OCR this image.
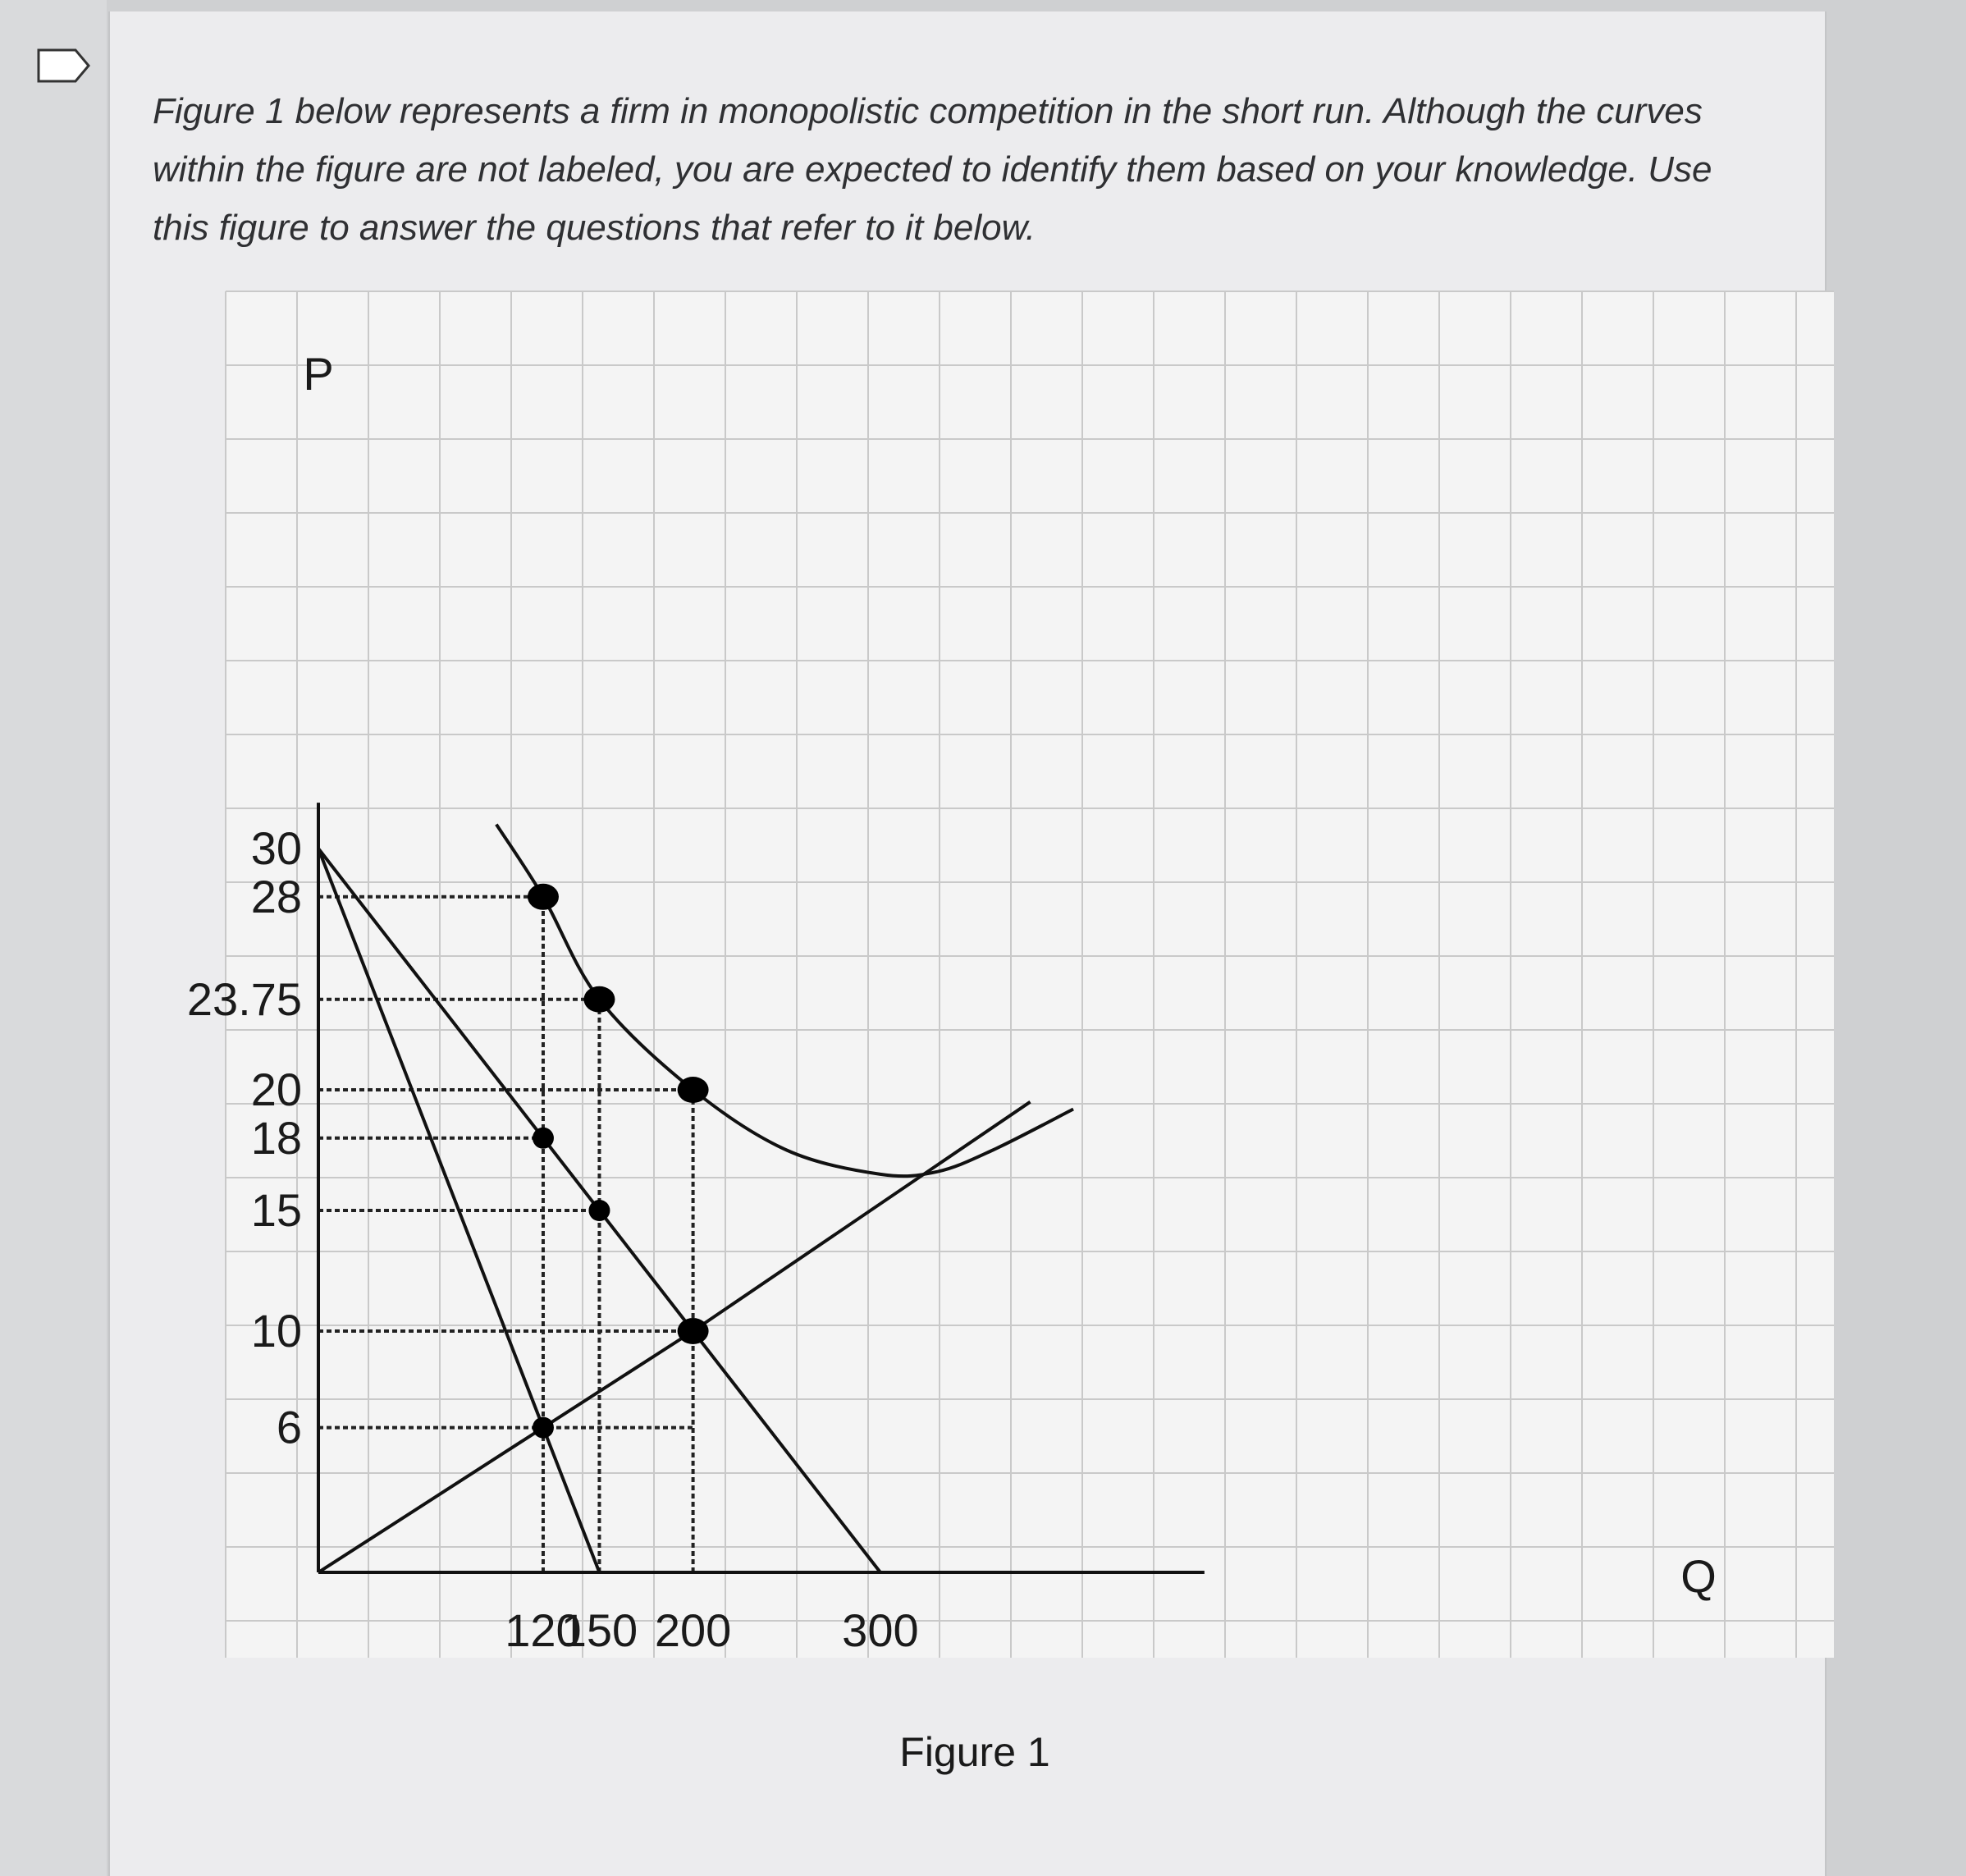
Figure 1 below represents a firm in monopolistic competition in the short run. Although the curves within the figure are not labeled, you are expected to identify them based on your knowledge. Use this figure to answer the questions that refer to it below.

30
28
23.75
20
18
15
10
6
120
150 200 300
P
Q
Figure 1
